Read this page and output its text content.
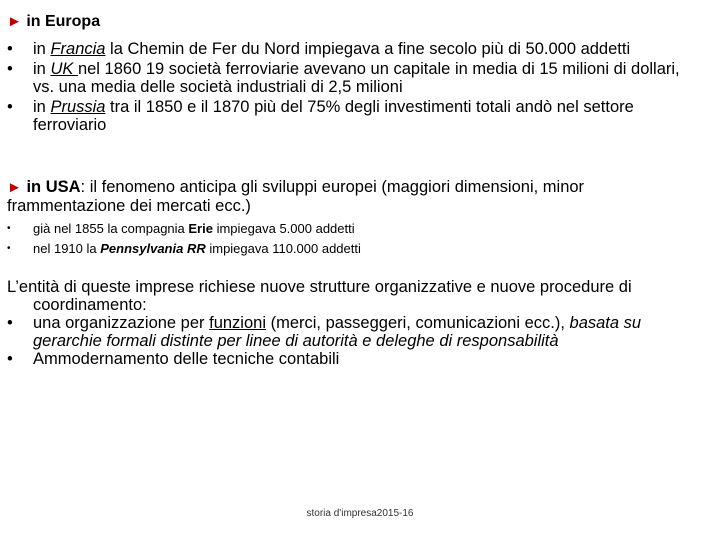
► in Europa
• in Francia la Chemin de Fer du Nord impiegava a fine secolo più di 50.000 addetti
• in UK nel 1860 19 società ferroviarie avevano un capitale in media di 15 milioni di dollari, vs. una media delle società industriali di 2,5 milioni
• in Prussia tra il 1850 e il 1870 più del 75% degli investimenti totali andò nel settore ferroviario
► in USA: il fenomeno anticipa gli sviluppi europei (maggiori dimensioni, minor frammentazione dei mercati ecc.)
• già nel 1855 la compagnia Erie impiegava 5.000 addetti
• nel 1910 la Pennsylvania RR impiegava 110.000 addetti
L’entità di queste imprese richiese nuove strutture organizzative e nuove procedure di coordinamento:
• una organizzazione per funzioni (merci, passeggeri, comunicazioni ecc.), basata su gerarchie formali distinte per linee di autorità e deleghe di responsabilità
• Ammodernamento delle tecniche contabili
storia d'impresa2015-16
